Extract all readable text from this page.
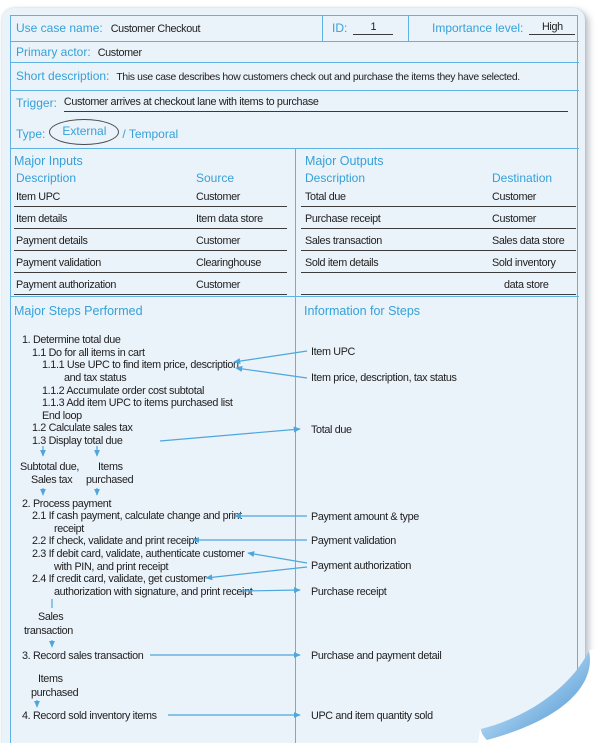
Use case name: Customer Checkout	ID:	1	Importance level:	High
Primary actor: Customer
Short description: This use case describes how customers check out and purchase the items they have selected.
Trigger: Customer arrives at checkout lane with items to purchase
Type:	External	/ Temporal
Major Inputs
Description	Source
Item UPC	Customer
Item details	Item data store
Payment details	Customer
Payment validation	Clearinghouse
Payment authorization	Customer
Major Outputs
Description	Destination
Total due	Customer
Purchase receipt	Customer
Sales transaction	Sales data store
Sold item details	Sold inventory
data store
Major Steps Performed	Information for Steps
1. Determine total due
1.1 Do for all items in cart
1.1.1 Use UPC to find item price, description,
and tax status
1.1.2 Accumulate order cost subtotal
1.1.3 Add item UPC to items purchased list
End loop
1.2 Calculate sales tax
1.3 Display total due
2. Process payment
2.1 If cash payment, calculate change and print
receipt
2.2 If check, validate and print receipt
2.3 If debit card, validate, authenticate customer
with PIN, and print receipt
2.4 If credit card, validate, get customer
authorization with signature, and print receipt
3. Record sales transaction
4. Record sold inventory items
Subtotal due,
Sales tax
Items
purchased
Sales
transaction
Items
purchased
Item UPC
Item price, description, tax status
Total due
Payment amount & type
Payment validation
Payment authorization
Purchase receipt
Purchase and payment detail
UPC and item quantity sold
